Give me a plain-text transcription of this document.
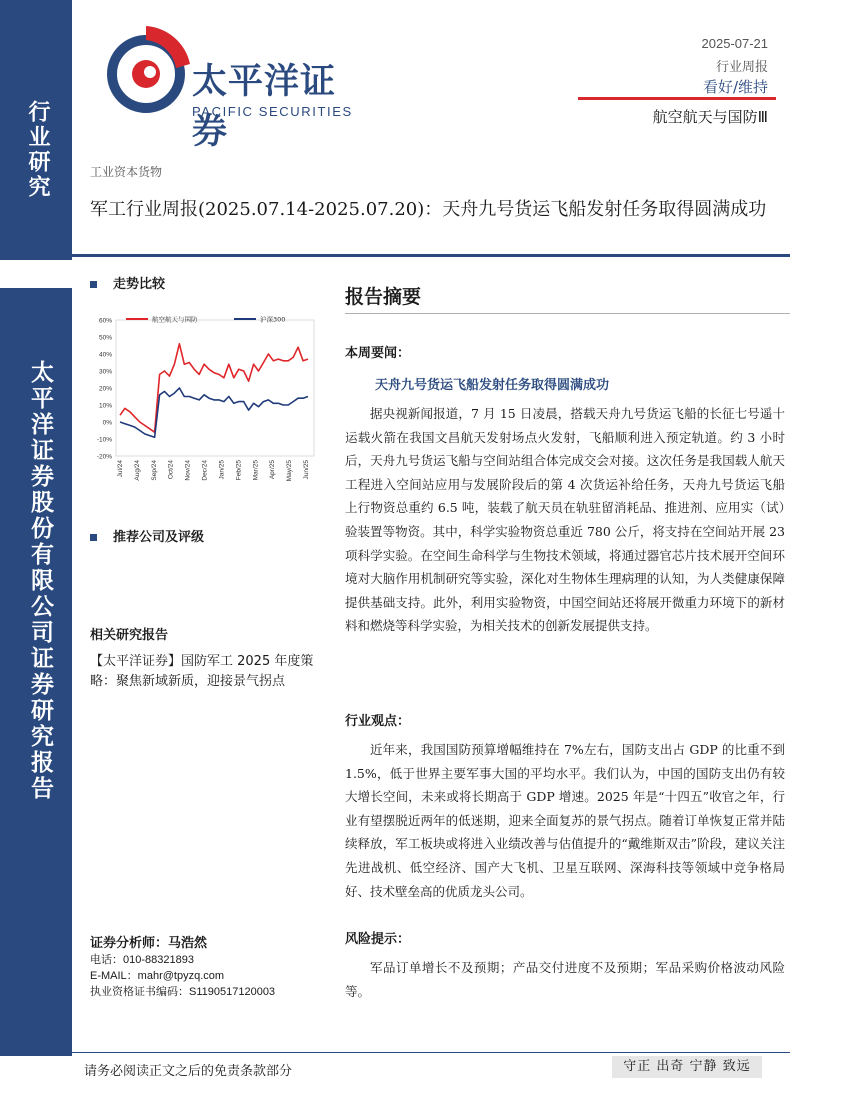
行业研究
太平洋证券股份有限公司证券研究报告
太平洋证券
PACIFIC SECURITIES
2025-07-21
行业周报
看好/维持
航空航天与国防Ⅲ
工业资本货物
军工行业周报(2025.07.14-2025.07.20)：天舟九号货运飞船发射任务取得圆满成功
走势比较
60%
50%
40%
30%
20%
10%
0%
-10%
-20%
Jul/24 Aug/24 Sep/24 Oct/24 Nov/24 Dec/24 Jan/25 Feb/25 Mar/25 Apr/25 May/25 Jun/25
航空航天与国防	沪深300
推荐公司及评级
相关研究报告
【太平洋证券】国防军工 2025 年度策略：聚焦新域新质，迎接景气拐点
证券分析师：马浩然
电话：010-88321893
E-MAIL：mahr@tpyzq.com
执业资格证书编码：S1190517120003
报告摘要
本周要闻：
天舟九号货运飞船发射任务取得圆满成功
据央视新闻报道，7 月 15 日凌晨，搭载天舟九号货运飞船的长征七号遥十运载火箭在我国文昌航天发射场点火发射，飞船顺利进入预定轨道。约 3 小时后，天舟九号货运飞船与空间站组合体完成交会对接。这次任务是我国载人航天工程进入空间站应用与发展阶段后的第 4 次货运补给任务，天舟九号货运飞船上行物资总重约 6.5 吨，装载了航天员在轨驻留消耗品、推进剂、应用实（试）验装置等物资。其中，科学实验物资总重近 780 公斤，将支持在空间站开展 23 项科学实验。在空间生命科学与生物技术领域，将通过器官芯片技术展开空间环境对大脑作用机制研究等实验，深化对生物体生理病理的认知，为人类健康保障提供基础支持。此外，利用实验物资，中国空间站还将展开微重力环境下的新材料和燃烧等科学实验，为相关技术的创新发展提供支持。
行业观点：
近年来，我国国防预算增幅维持在 7%左右，国防支出占 GDP 的比重不到 1.5%，低于世界主要军事大国的平均水平。我们认为，中国的国防支出仍有较大增长空间，未来或将长期高于 GDP 增速。2025 年是“十四五”收官之年，行业有望摆脱近两年的低迷期，迎来全面复苏的景气拐点。随着订单恢复正常并陆续释放，军工板块或将进入业绩改善与估值提升的“戴维斯双击”阶段，建议关注先进战机、低空经济、国产大飞机、卫星互联网、深海科技等领域中竞争格局好、技术壁垒高的优质龙头公司。
风险提示：
军品订单增长不及预期；产品交付进度不及预期；军品采购价格波动风险等。
请务必阅读正文之后的免责条款部分	守正 出奇 宁静 致远
